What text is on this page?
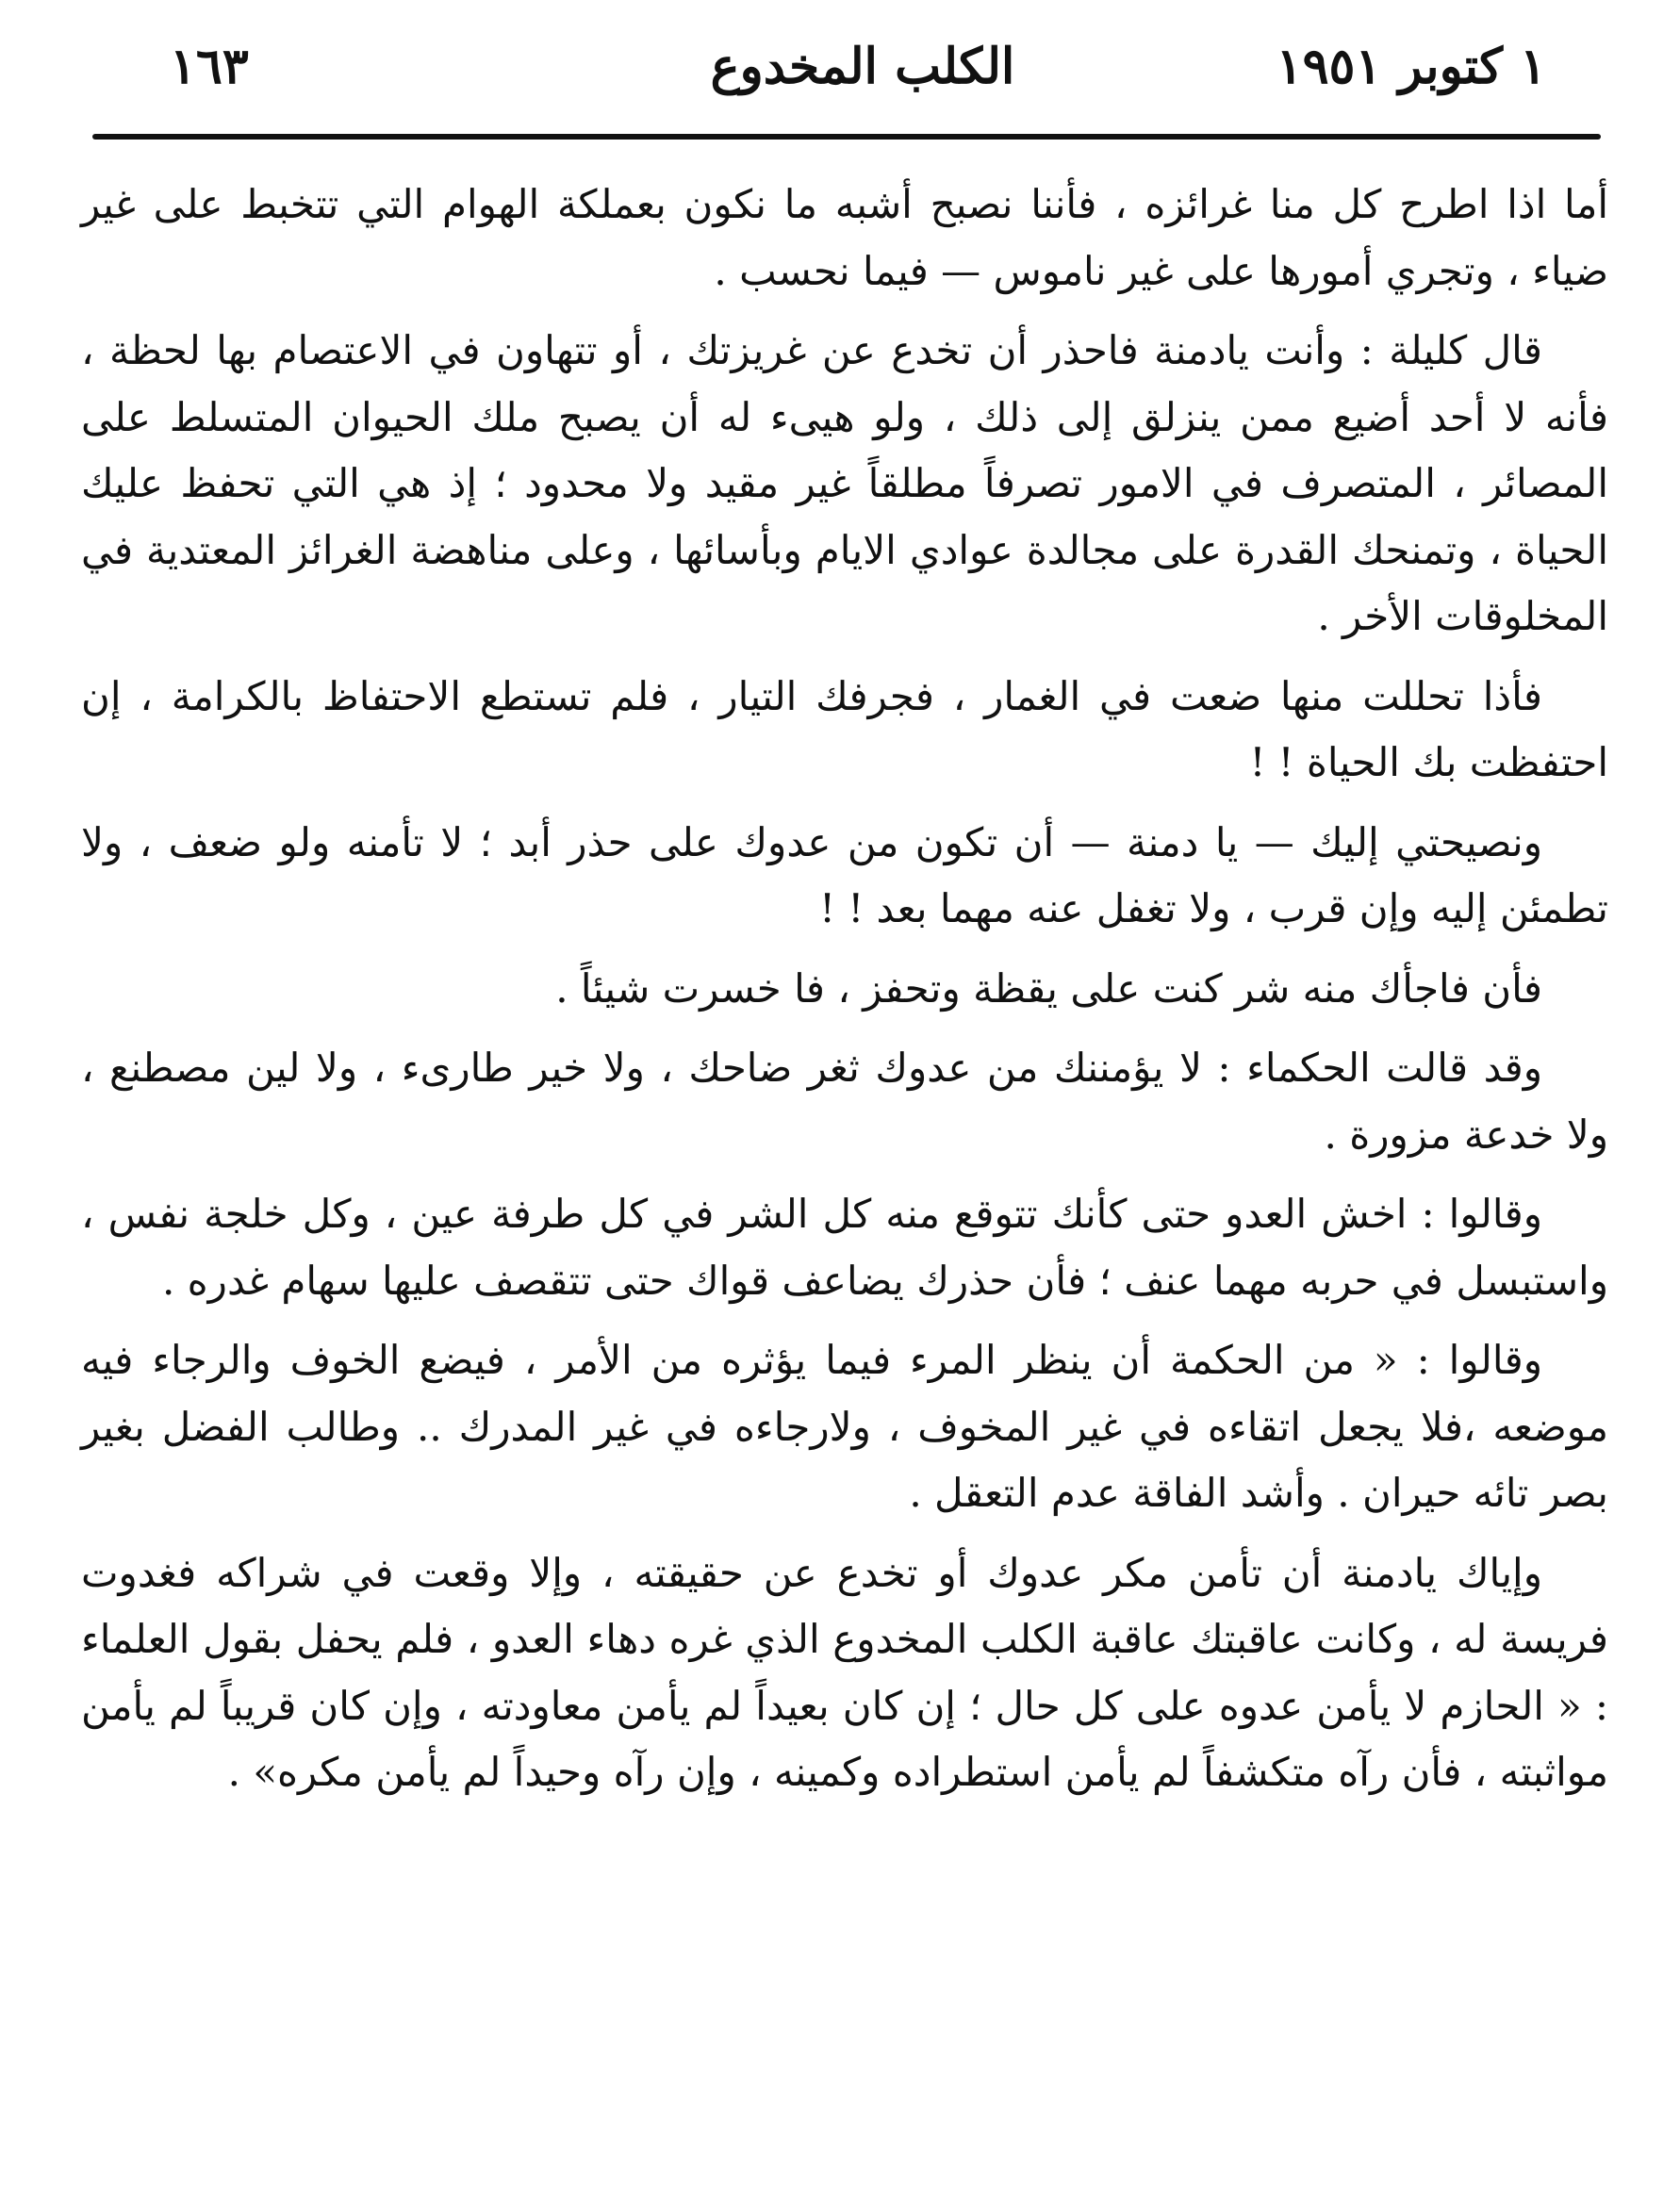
١٦٣	الكلب المخدوع	١ كتوبر ١٩٥١

أما اذا اطرح كل منا غرائزه ، فأننا نصبح أشبه ما نكون بعملكة الهوام التي تتخبط على غير ضياء ، وتجري أمورها على غير ناموس — فيما نحسب .

قال كليلة : وأنت يادمنة فاحذر أن تخدع عن غريزتك ، أو تتهاون في الاعتصام بها لحظة ، فأنه لا أحد أضيع ممن ينزلق إلى ذلك ، ولو هيىء له أن يصبح ملك الحيوان المتسلط على المصائر ، المتصرف في الامور تصرفاً مطلقاً غير مقيد ولا محدود ؛ إذ هي التي تحفظ عليك الحياة ، وتمنحك القدرة على مجالدة عوادي الايام وبأسائها ، وعلى مناهضة الغرائز المعتدية في المخلوقات الأخر .

فأذا تحللت منها ضعت في الغمار ، فجرفك التيار ، فلم تستطع الاحتفاظ بالكرامة ، إن احتفظت بك الحياة ! !

ونصيحتي إليك — يا دمنة — أن تكون من عدوك على حذر أبد ؛ لا تأمنه ولو ضعف ، ولا تطمئن إليه وإن قرب ، ولا تغفل عنه مهما بعد ! !

فأن فاجأك منه شر كنت على يقظة وتحفز ، فا خسرت شيئاً .

وقد قالت الحكماء : لا يؤمننك من عدوك ثغر ضاحك ، ولا خير طارىء ، ولا لين مصطنع ، ولا خدعة مزورة .

وقالوا : اخش العدو حتى كأنك تتوقع منه كل الشر في كل طرفة عين ، وكل خلجة نفس ، واستبسل في حربه مهما عنف ؛ فأن حذرك يضاعف قواك حتى تتقصف عليها سهام غدره .

وقالوا : « من الحكمة أن ينظر المرء فيما يؤثره من الأمر ، فيضع الخوف والرجاء فيه موضعه ،فلا يجعل اتقاءه في غير المخوف ، ولارجاءه في غير المدرك .. وطالب الفضل بغير بصر تائه حيران . وأشد الفاقة عدم التعقل .

وإياك يادمنة أن تأمن مكر عدوك أو تخدع عن حقيقته ، وإلا وقعت في شراكه فغدوت فريسة له ، وكانت عاقبتك عاقبة الكلب المخدوع الذي غره دهاء العدو ، فلم يحفل بقول العلماء : « الحازم لا يأمن عدوه على كل حال ؛ إن كان بعيداً لم يأمن معاودته ، وإن كان قريباً لم يأمن مواثبته ، فأن رآه متكشفاً لم يأمن استطراده وكمينه ، وإن رآه وحيداً لم يأمن مكره» .
